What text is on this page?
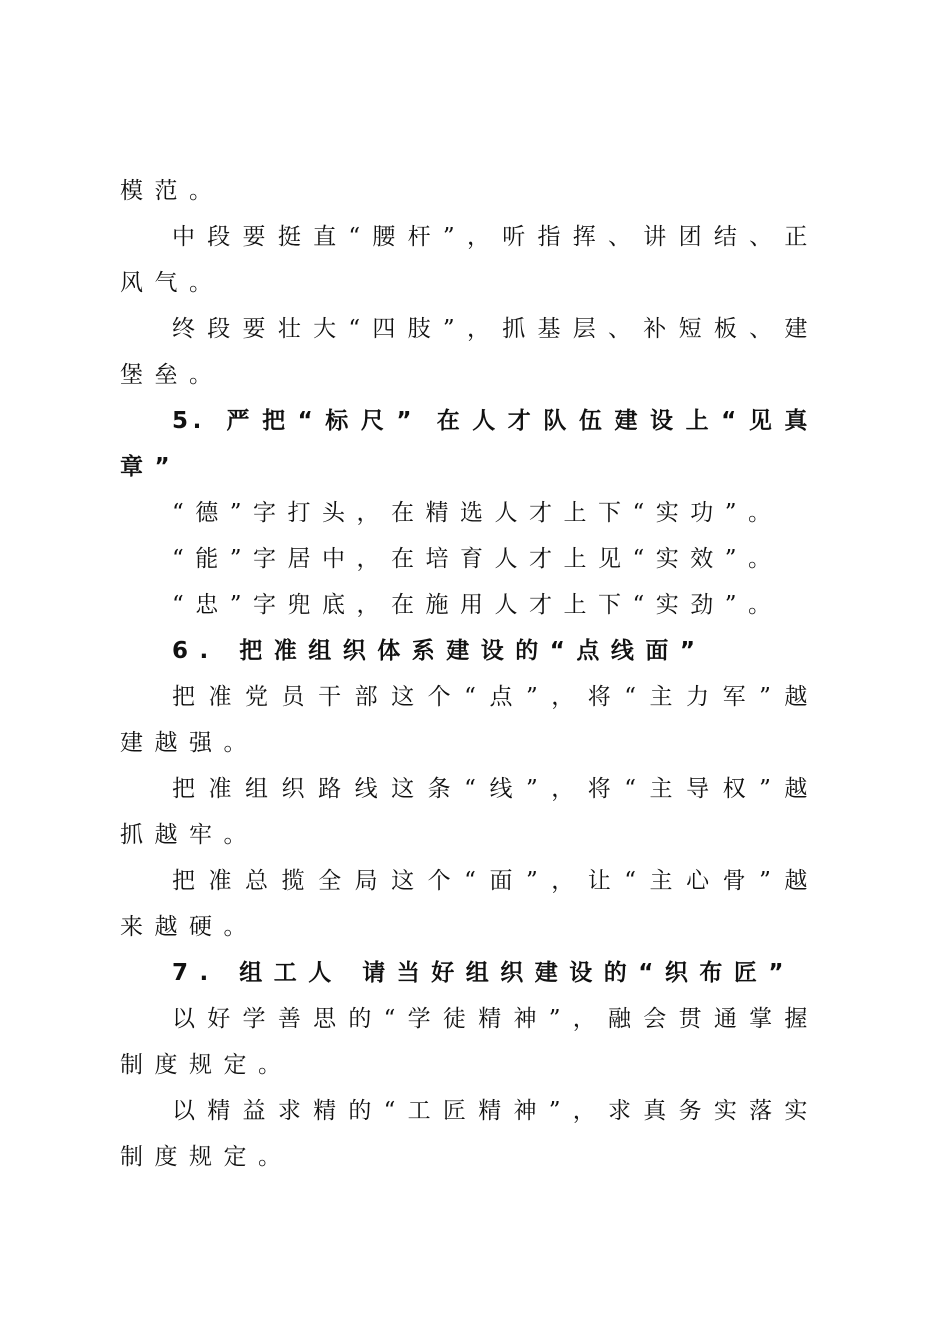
模范。
中段要挺直“腰杆”，听指挥、讲团结、正
风气。
终段要壮大“四肢”，抓基层、补短板、建
堡垒。
5. 严把“标尺” 在人才队伍建设上“见真
章”
“德”字打头，在精选人才上下“实功”。
“能”字居中，在培育人才上见“实效”。
“忠”字兜底，在施用人才上下“实劲”。
6. 把准组织体系建设的“点线面”
把准党员干部这个“点”，将“主力军”越
建越强。
把准组织路线这条“线”，将“主导权”越
抓越牢。
把准总揽全局这个“面”，让“主心骨”越
来越硬。
7. 组工人 请当好组织建设的“织布匠”
以好学善思的“学徒精神”，融会贯通掌握
制度规定。
以精益求精的“工匠精神”，求真务实落实
制度规定。
